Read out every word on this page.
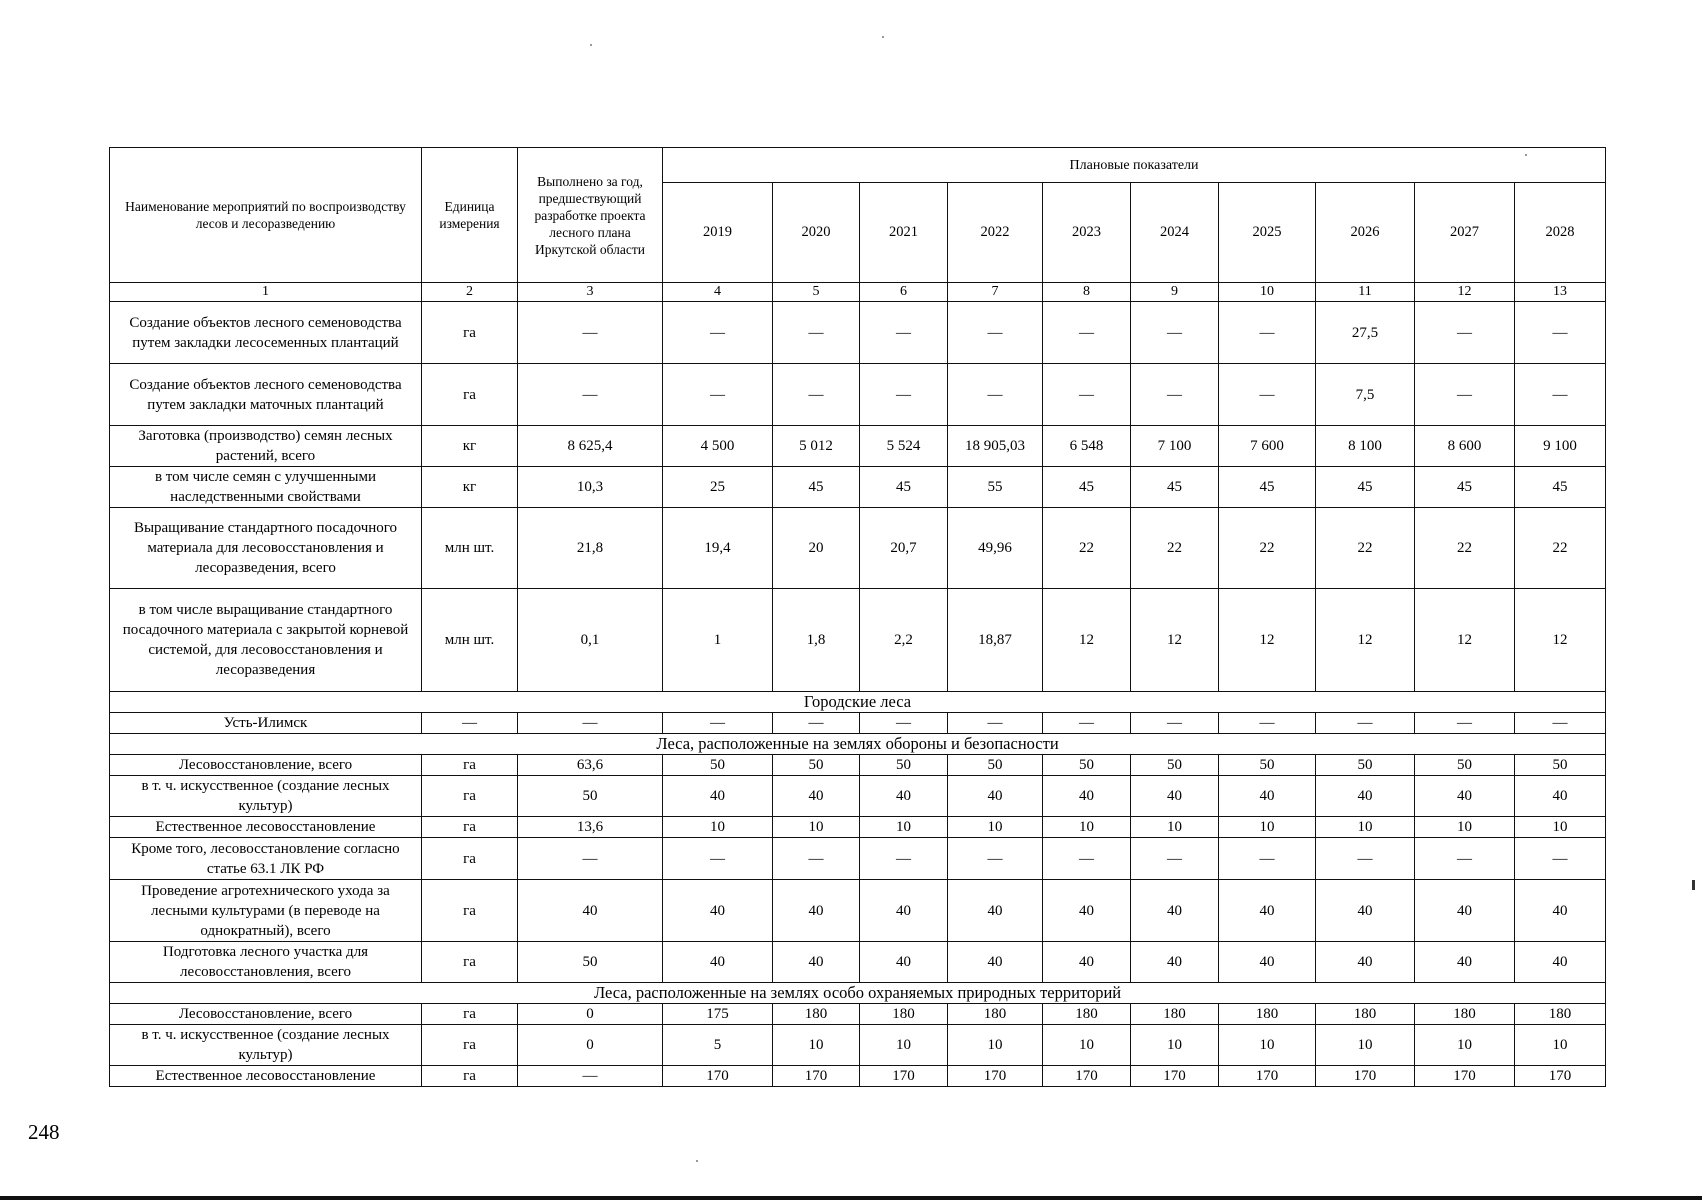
Наименование мероприятий по воспроизводству лесов и лесоразведению	Единица измерения	Выполнено за год, предшествующий разработке проекта лесного плана Иркутской области	Плановые показатели									
			2019	2020	2021	2022	2023	2024	2025	2026	2027	2028
1	2	3	4	5	6	7	8	9	10	11	12	13
Создание объектов лесного семеноводства путем закладки лесосеменных плантаций	га	—	—	—	—	—	—	—	—	27,5	—	—
Создание объектов лесного семеноводства путем закладки маточных плантаций	га	—	—	—	—	—	—	—	—	7,5	—	—
Заготовка (производство) семян лесных растений, всего	кг	8 625,4	4 500	5 012	5 524	18 905,03	6 548	7 100	7 600	8 100	8 600	9 100
в том числе семян с улучшенными наследственными свойствами	кг	10,3	25	45	45	55	45	45	45	45	45	45
Выращивание стандартного посадочного материала для лесовосстановления и лесоразведения, всего	млн шт.	21,8	19,4	20	20,7	49,96	22	22	22	22	22	22
в том числе выращивание стандартного посадочного материала с закрытой корневой системой, для лесовосстановления и лесоразведения	млн шт.	0,1	1	1,8	2,2	18,87	12	12	12	12	12	12
Городские леса												
Усть-Илимск	—	—	—	—	—	—	—	—	—	—	—	—
Леса, расположенные на землях обороны и безопасности												
Лесовосстановление, всего	га	63,6	50	50	50	50	50	50	50	50	50	50
в т. ч. искусственное (создание лесных культур)	га	50	40	40	40	40	40	40	40	40	40	40
Естественное лесовосстановление	га	13,6	10	10	10	10	10	10	10	10	10	10
Кроме того, лесовосстановление согласно статье 63.1 ЛК РФ	га	—	—	—	—	—	—	—	—	—	—	—
Проведение агротехнического ухода за лесными культурами (в переводе на однократный), всего	га	40	40	40	40	40	40	40	40	40	40	40
Подготовка лесного участка для лесовосстановления, всего	га	50	40	40	40	40	40	40	40	40	40	40
Леса, расположенные на землях особо охраняемых природных территорий												
Лесовосстановление, всего	га	0	175	180	180	180	180	180	180	180	180	180
в т. ч. искусственное (создание лесных культур)	га	0	5	10	10	10	10	10	10	10	10	10
Естественное лесовосстановление	га	—	170	170	170	170	170	170	170	170	170	170
248
